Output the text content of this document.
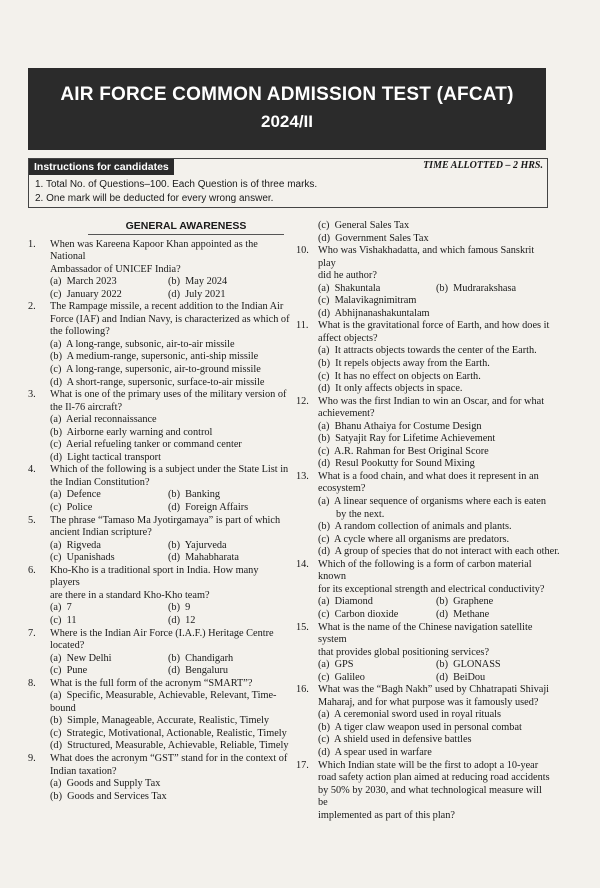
AIR FORCE COMMON ADMISSION TEST (AFCAT)
2024/II
Instructions for candidates	TIME ALLOTTED – 2 HRS.
1. Total No. of Questions–100. Each Question is of three marks.
2. One mark will be deducted for every wrong answer.
GENERAL AWARENESS
1. When was Kareena Kapoor Khan appointed as the National
Ambassador of UNICEF India?
(a)  March 2023	(b)  May 2024
(c)  January 2022	(d)  July 2021
2. The Rampage missile, a recent addition to the Indian Air
Force (IAF) and Indian Navy, is characterized as which of
the following?
(a)  A long-range, subsonic, air-to-air missile
(b)  A medium-range, supersonic, anti-ship missile
(c)  A long-range, supersonic, air-to-ground missile
(d)  A short-range, supersonic, surface-to-air missile
3. What is one of the primary uses of the military version of
the Il-76 aircraft?
(a)  Aerial reconnaissance
(b)  Airborne early warning and control
(c)  Aerial refueling tanker or command center
(d)  Light tactical transport
4. Which of the following is a subject under the State List in
the Indian Constitution?
(a)  Defence	(b)  Banking
(c)  Police	(d)  Foreign Affairs
5. The phrase “Tamaso Ma Jyotirgamaya” is part of which
ancient Indian scripture?
(a)  Rigveda	(b)  Yajurveda
(c)  Upanishads	(d)  Mahabharata
6. Kho-Kho is a traditional sport in India. How many players
are there in a standard Kho-Kho team?
(a)  7	(b)  9
(c)  11	(d)  12
7. Where is the Indian Air Force (I.A.F.) Heritage Centre
located?
(a)  New Delhi	(b)  Chandigarh
(c)  Pune	(d)  Bengaluru
8. What is the full form of the acronym “SMART”?
(a)  Specific, Measurable, Achievable, Relevant, Time-
bound
(b)  Simple, Manageable, Accurate, Realistic, Timely
(c)  Strategic, Motivational, Actionable, Realistic, Timely
(d)  Structured, Measurable, Achievable, Reliable, Timely
9. What does the acronym “GST” stand for in the context of
Indian taxation?
(a)  Goods and Supply Tax
(b)  Goods and Services Tax
(c)  General Sales Tax
(d)  Government Sales Tax
10. Who was Vishakhadatta, and which famous Sanskrit play
did he author?
(a)  Shakuntala	(b)  Mudrarakshasa
(c)  Malavikagnimitram
(d)  Abhijnanashakuntalam
11. What is the gravitational force of Earth, and how does it
affect objects?
(a)  It attracts objects towards the center of the Earth.
(b)  It repels objects away from the Earth.
(c)  It has no effect on objects on Earth.
(d)  It only affects objects in space.
12. Who was the first Indian to win an Oscar, and for what
achievement?
(a)  Bhanu Athaiya for Costume Design
(b)  Satyajit Ray for Lifetime Achievement
(c)  A.R. Rahman for Best Original Score
(d)  Resul Pookutty for Sound Mixing
13. What is a food chain, and what does it represent in an
ecosystem?
(a)  A linear sequence of organisms where each is eaten
by the next.
(b)  A random collection of animals and plants.
(c)  A cycle where all organisms are predators.
(d)  A group of species that do not interact with each other.
14. Which of the following is a form of carbon material known
for its exceptional strength and electrical conductivity?
(a)  Diamond	(b)  Graphene
(c)  Carbon dioxide	(d)  Methane
15. What is the name of the Chinese navigation satellite system
that provides global positioning services?
(a)  GPS	(b)  GLONASS
(c)  Galileo	(d)  BeiDou
16. What was the “Bagh Nakh” used by Chhatrapati Shivaji
Maharaj, and for what purpose was it famously used?
(a)  A ceremonial sword used in royal rituals
(b)  A tiger claw weapon used in personal combat
(c)  A shield used in defensive battles
(d)  A spear used in warfare
17. Which Indian state will be the first to adopt a 10-year
road safety action plan aimed at reducing road accidents
by 50% by 2030, and what technological measure will be
implemented as part of this plan?
